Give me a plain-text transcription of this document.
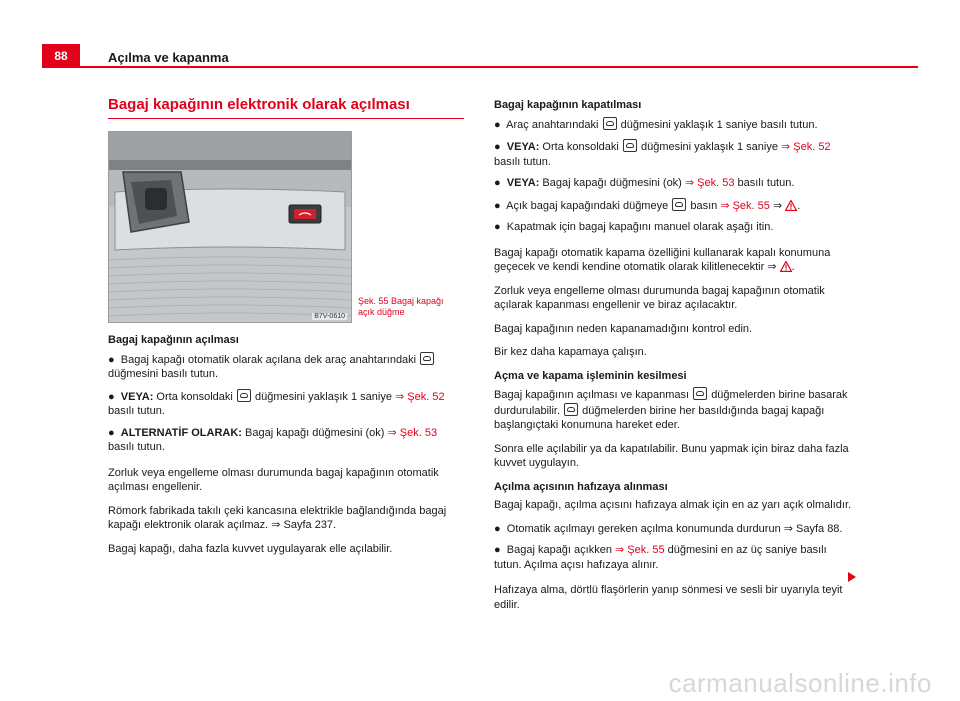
88	Açılma ve kapanma
Bagaj kapağının elektronik olarak açılması
B7V-0610
Şek. 55 Bagaj kapağı
açık düğme

Bagaj kapağının açılması

●  Bagaj kapağı otomatik olarak açılana dek araç anahtarındaki  düğmesini basılı tutun.

●  VEYA: Orta konsoldaki düğmesini yaklaşık 1 saniye ⇒ Şek. 52 basılı tutun.

●  ALTERNATİF OLARAK: Bagaj kapağı düğmesini (ok) ⇒ Şek. 53 basılı tutun.

Zorluk veya engelleme olması durumunda bagaj kapağının otomatik açılması engellenir.

Römork fabrikada takılı çeki kancasına elektrikle bağlandığında bagaj kapağı elektronik olarak açılmaz. ⇒ Sayfa 237.

Bagaj kapağı, daha fazla kuvvet uygulayarak elle açılabilir.

Bagaj kapağının kapatılması

●  Araç anahtarındaki düğmesini yaklaşık 1 saniye basılı tutun.

●  VEYA: Orta konsoldaki düğmesini yaklaşık 1 saniye ⇒ Şek. 52 basılı tutun.

●  VEYA: Bagaj kapağı düğmesini (ok) ⇒ Şek. 53 basılı tutun.

●  Açık bagaj kapağındaki düğmeye  basın ⇒ Şek. 55 ⇒ .

●  Kapatmak için bagaj kapağını manuel olarak aşağı itin.

Bagaj kapağı otomatik kapama özelliğini kullanarak kapalı konumuna geçecek ve kendi kendine otomatik olarak kilitlenecektir ⇒ .

Zorluk veya engelleme olması durumunda bagaj kapağının otomatik açılarak kapanması engellenir ve biraz açılacaktır.

Bagaj kapağının neden kapanamadığını kontrol edin.

Bir kez daha kapamaya çalışın.

Açma ve kapama işleminin kesilmesi

Bagaj kapağının açılması ve kapanması düğmelerden birine basarak durdurulabilir. düğmelerden birine her basıldığında bagaj kapağı başlangıçtaki konumuna hareket eder.

Sonra elle açılabilir ya da kapatılabilir. Bunu yapmak için biraz daha fazla kuvvet uygulayın.

Açılma açısının hafızaya alınması

Bagaj kapağı, açılma açısını hafızaya almak için en az yarı açık olmalıdır.

●  Otomatik açılmayı gereken açılma konumunda durdurun ⇒ Sayfa 88.

●  Bagaj kapağı açıkken ⇒ Şek. 55 düğmesini en az üç saniye basılı tutun. Açılma açısı hafızaya alınır.

Hafızaya alma, dörtlü flaşörlerin yanıp sönmesi ve sesli bir uyarıyla teyit edilir.

carmanualsonline.info
